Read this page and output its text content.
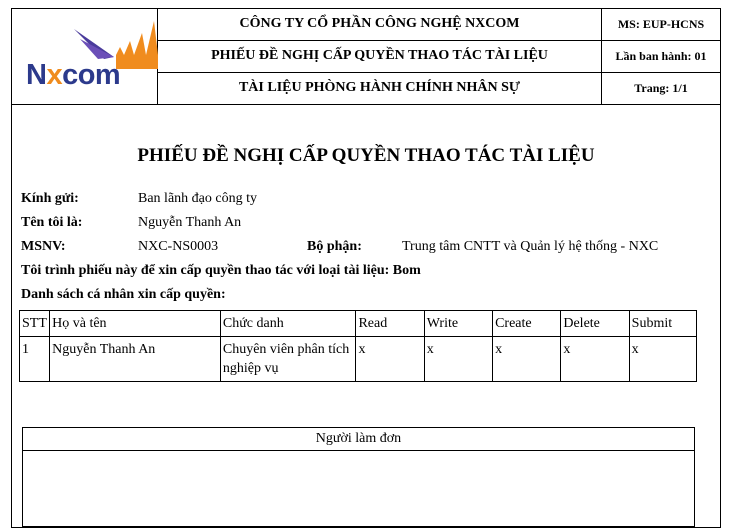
Nxcom	CÔNG TY CỔ PHẦN CÔNG NGHỆ NXCOM	MS: EUP-HCNS
	PHIẾU ĐỀ NGHỊ CẤP QUYỀN THAO TÁC TÀI LIỆU	Lần ban hành: 01
	TÀI LIỆU PHÒNG HÀNH CHÍNH NHÂN SỰ	Trang: 1/1
PHIẾU ĐỀ NGHỊ CẤP QUYỀN THAO TÁC TÀI LIỆU
Kính gửi:	Ban lãnh đạo công ty
Tên tôi là:	Nguyễn Thanh An
MSNV:	NXC-NS0003	Bộ phận:	Trung tâm CNTT và Quản lý hệ thống - NXC
Tôi trình phiếu này để xin cấp quyền thao tác với loại tài liệu: Bom
Danh sách cá nhân xin cấp quyền:
STT	Họ và tên	Chức danh	Read	Write	Create	Delete	Submit
1	Nguyễn Thanh An	Chuyên viên phân tích nghiệp vụ	x	x	x	x	x
Người làm đơn
